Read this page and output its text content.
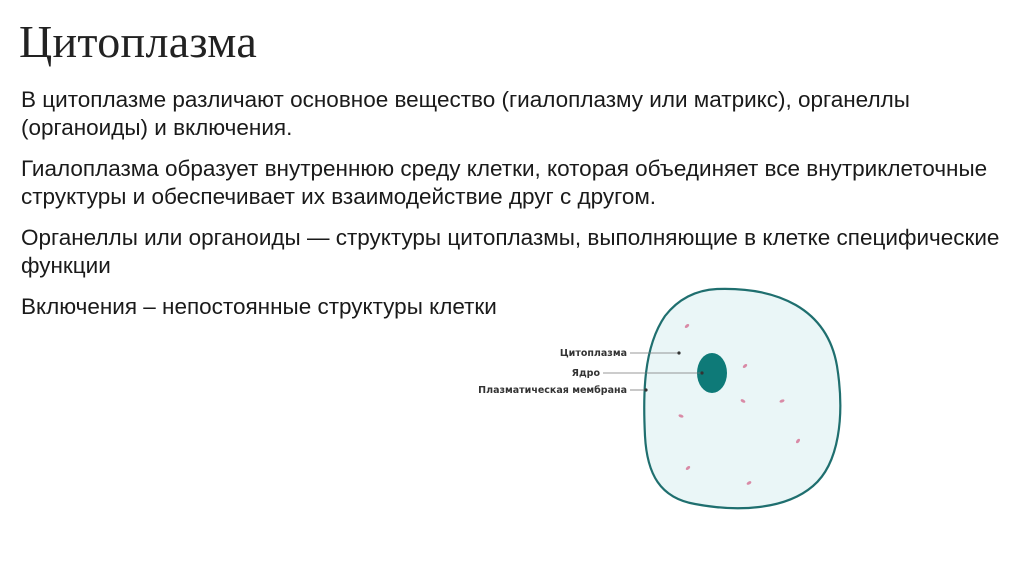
Цитоплазма

В цитоплазме различают основное вещество (гиалоплазму или матрикс), органеллы (органоиды) и включения.

Гиалоплазма образует внутреннюю среду клетки, которая объединяет все внутриклеточные структуры и обеспечивает их взаимодействие друг с другом.

Органеллы или органоиды — структуры цитоплазмы, выполняющие в клетке специфические функции

Включения – непостоянные структуры клетки

Цитоплазма
Ядро
Плазматическая мембрана
